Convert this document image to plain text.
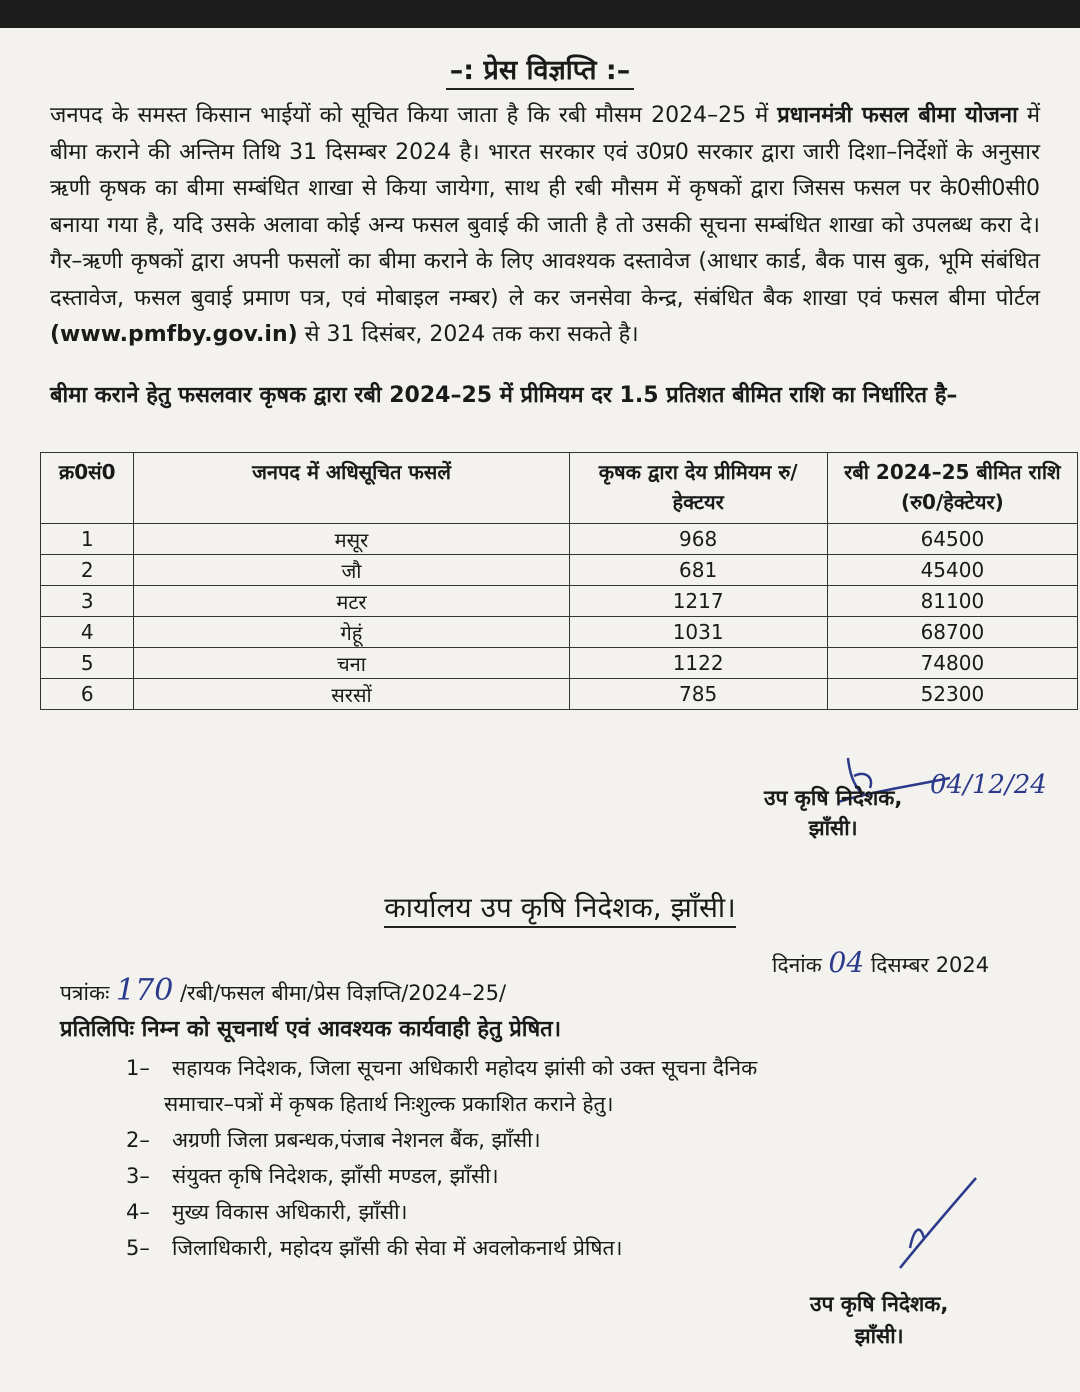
–: प्रेस विज्ञप्ति :–
जनपद के समस्त किसान भाईयों को सूचित किया जाता है कि रबी मौसम 2024–25 में प्रधानमंत्री फसल बीमा योजना में बीमा कराने की अन्तिम तिथि 31 दिसम्बर 2024 है। भारत सरकार एवं उ0प्र0 सरकार द्वारा जारी दिशा–निर्देशों के अनुसार ऋणी कृषक का बीमा सम्बंधित शाखा से किया जायेगा, साथ ही रबी मौसम में कृषकों द्वारा जिसस फसल पर के0सी0सी0 बनाया गया है, यदि उसके अलावा कोई अन्य फसल बुवाई की जाती है तो उसकी सूचना सम्बंधित शाखा को उपलब्ध करा दे। गैर–ऋणी कृषकों द्वारा अपनी फसलों का बीमा कराने के लिए आवश्यक दस्तावेज (आधार कार्ड, बैक पास बुक, भूमि संबंधित दस्तावेज, फसल बुवाई प्रमाण पत्र, एवं मोबाइल नम्बर) ले कर जनसेवा केन्द्र, संबंधित बैक शाखा एवं फसल बीमा पोर्टल (www.pmfby.gov.in) से 31 दिसंबर, 2024 तक करा सकते है।
बीमा कराने हेतु फसलवार कृषक द्वारा रबी 2024–25 में प्रीमियम दर 1.5 प्रतिशत बीमित राशि का निर्धारित है–
क्र0सं0	जनपद में अधिसूचित फसलें	कृषक द्वारा देय प्रीमियम रु/हेक्टयर	रबी 2024–25 बीमित राशि (रु0/हेक्टेयर)
1	मसूर	968	64500
2	जौ	681	45400
3	मटर	1217	81100
4	गेहूं	1031	68700
5	चना	1122	74800
6	सरसों	785	52300
04/12/24
उप कृषि निदेशक,
झाँसी।
कार्यालय उप कृषि निदेशक, झाँसी।
दिनांक 04 दिसम्बर 2024
पत्रांकः 170 /रबी/फसल बीमा/प्रेस विज्ञप्ति/2024–25/
प्रतिलिपिः निम्न को सूचनार्थ एवं आवश्यक कार्यवाही हेतु प्रेषित।
1– सहायक निदेशक, जिला सूचना अधिकारी महोदय झांसी को उक्त सूचना दैनिक
समाचार–पत्रों में कृषक हितार्थ निःशुल्क प्रकाशित कराने हेतु।
2– अग्रणी जिला प्रबन्धक,पंजाब नेशनल बैंक, झाँसी।
3– संयुक्त कृषि निदेशक, झाँसी मण्डल, झाँसी।
4– मुख्य विकास अधिकारी, झाँसी।
5– जिलाधिकारी, महोदय झाँसी की सेवा में अवलोकनार्थ प्रेषित।
उप कृषि निदेशक,
झाँसी।
